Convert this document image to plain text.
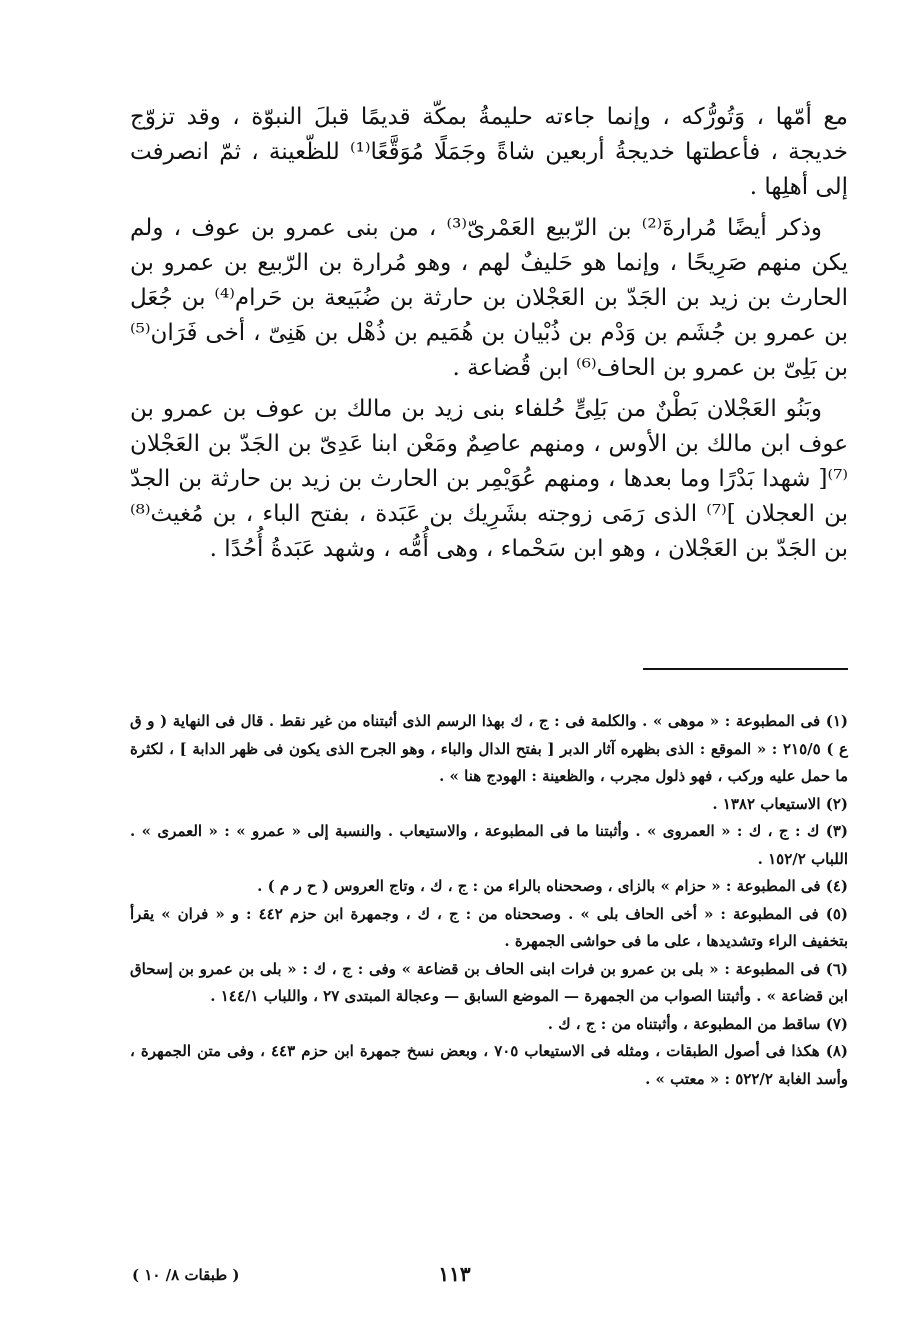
مع أمّها ، وَتُورُّكه ، وإنما جاءته حليمةُ بمكّة قديمًا قبلَ النبوّة ، وقد تزوّج خديجة ، فأعطتها خديجةُ أربعين شاةً وجَمَلًا مُوَقَّعًا⁽¹⁾ للظّعينة ، ثمّ انصرفت إلى أهلِها .

وذكر أيضًا مُرارةَ⁽²⁾ بن الرّبيع العَمْرىّ⁽³⁾ ، من بنى عمرو بن عوف ، ولم يكن منهم صَرِيحًا ، وإنما هو حَليفٌ لهم ، وهو مُرارة بن الرّبيع بن عمرو بن الحارث بن زيد بن الجَدّ بن العَجْلان بن حارثة بن ضُبَيعة بن حَرام⁽⁴⁾ بن جُعَل بن عمرو بن جُشَم بن وَدْم بن ذُبْيان بن هُمَيم بن ذُهْل بن هَنِىّ ، أخى فَرَان⁽⁵⁾ بن بَلِىّ بن عمرو بن الحاف⁽⁶⁾ ابن قُضاعة .

وبَنُو العَجْلان بَطْنٌ من بَلِىٍّ حُلفاء بنى زيد بن مالك بن عوف بن عمرو بن عوف ابن مالك بن الأوس ، ومنهم عاصِمٌ ومَعْن ابنا عَدِىّ بن الجَدّ بن العَجْلان ⁽⁷⁾[ شهدا بَدْرًا وما بعدها ، ومنهم عُوَيْمِر بن الحارث بن زيد بن حارثة بن الجدّ بن العجلان ]⁽⁷⁾ الذى رَمَى زوجته بشَرِيك بن عَبَدة ، بفتح الباء ، بن مُغيث⁽⁸⁾ بن الجَدّ بن العَجْلان ، وهو ابن سَحْماء ، وهى أُمُّه ، وشهد عَبَدةُ أُحُدًا .

(١) فى المطبوعة : « موهى » . والكلمة فى : ج ، ك بهذا الرسم الذى أثبتناه من غير نقط . قال فى النهاية ( و ق ع ) ٢١٥/٥ : « الموقع : الذى بظهره آثار الدبر [ بفتح الدال والباء ، وهو الجرح الذى يكون فى ظهر الدابة ] ، لكثرة ما حمل عليه وركب ، فهو ذلول مجرب ، والظعينة : الهودج هنا » .

(٢) الاستيعاب ١٣٨٢ .

(٣) ك : ج ، ك : « العمروى » . وأثبتنا ما فى المطبوعة ، والاستيعاب . والنسبة إلى « عمرو » : « العمرى » . اللباب ١٥٢/٢ .

(٤) فى المطبوعة : « حزام » بالزاى ، وصححناه بالراء من : ج ، ك ، وتاج العروس ( ح ر م ) .

(٥) فى المطبوعة : « أخى الحاف بلى » . وصححناه من : ج ، ك ، وجمهرة ابن حزم ٤٤٢ : و « فران » يقرأ بتخفيف الراء وتشديدها ، على ما فى حواشى الجمهرة .

(٦) فى المطبوعة : « بلى بن عمرو بن فرات ابنى الحاف بن قضاعة » وفى : ج ، ك : « بلى بن عمرو بن إسحاق ابن قضاعة » . وأثبتنا الصواب من الجمهرة — الموضع السابق — وعجالة المبتدى ٢٧ ، واللباب ١٤٤/١ .

(٧) ساقط من المطبوعة ، وأثبتناه من : ج ، ك .

(٨) هكذا فى أصول الطبقات ، ومثله فى الاستيعاب ٧٠٥ ، وبعض نسخ جمهرة ابن حزم ٤٤٣ ، وفى متن الجمهرة ، وأسد الغابة ٥٢٢/٢ : « معتب » .

١١٣
( طبقات ٨/ ١٠ )
